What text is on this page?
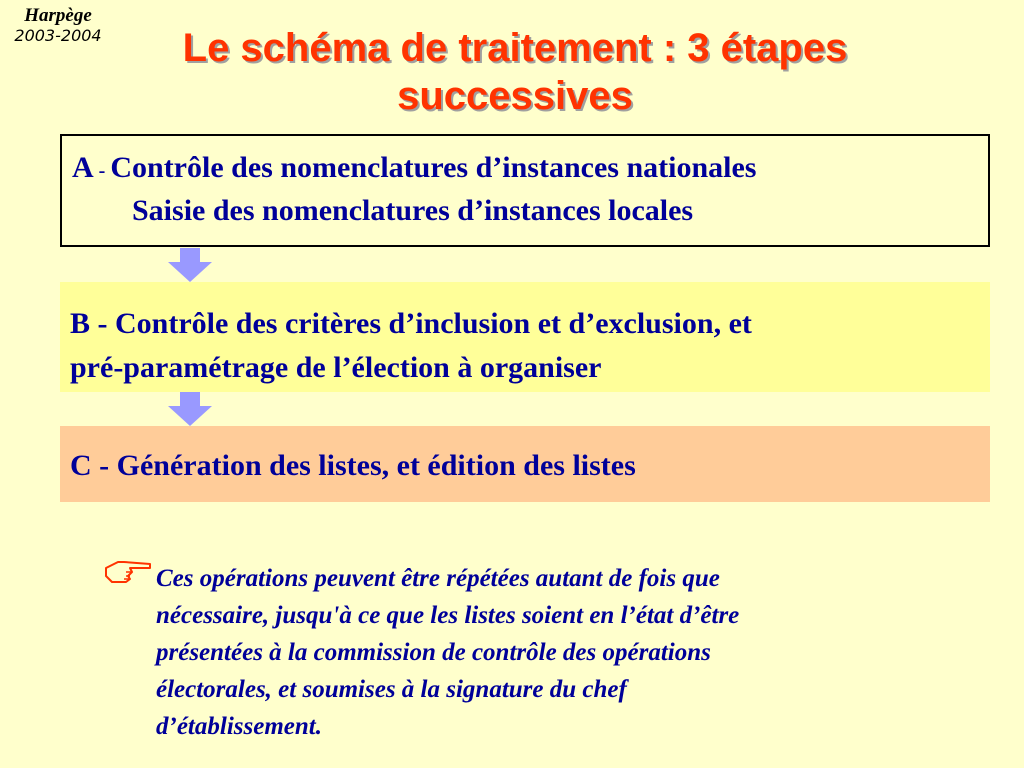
Harpège
2003-2004	Le schéma de traitement : 3 étapes
successives
A - Contrôle des nomenclatures d’instances nationales
Saisie des nomenclatures d’instances locales
B - Contrôle des critères d’inclusion et d’exclusion, et
pré-paramétrage de l’élection à organiser
C - Génération des listes, et édition des listes
Ces opérations peuvent être répétées autant de fois que
nécessaire, jusqu'à ce que les listes soient en l’état d’être
présentées à la commission de contrôle des opérations
électorales, et soumises à la signature du chef
d’établissement.
